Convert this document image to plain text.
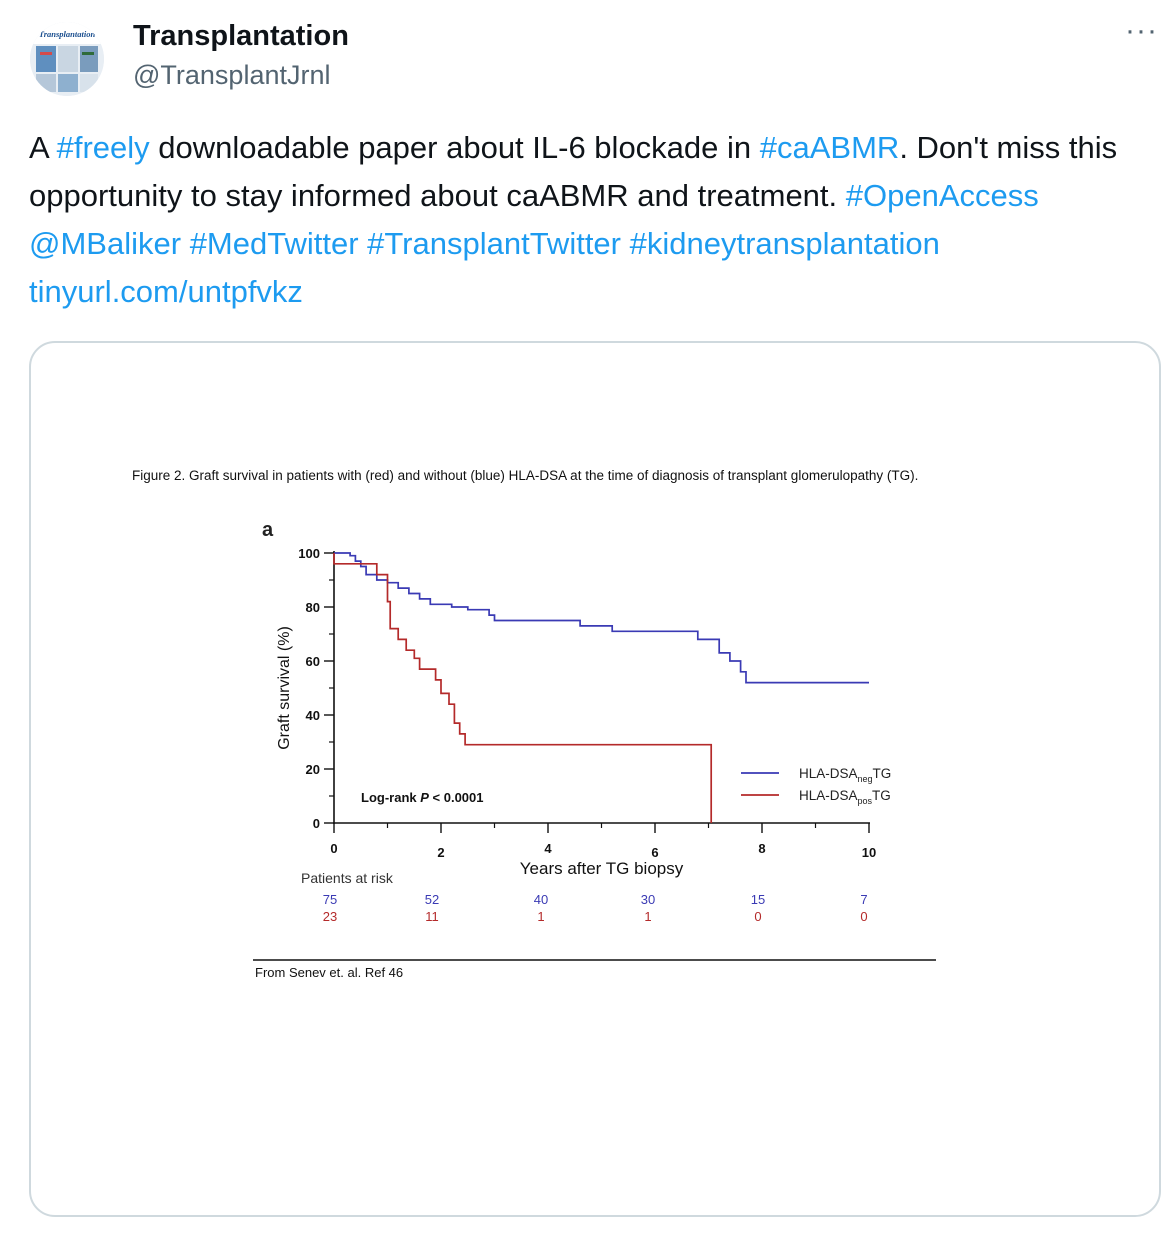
Transplantation Transplantation
@TransplantJrnl
···
A #freely downloadable paper about IL-6 blockade in #caABMR. Don't miss this opportunity to stay informed about caABMR and treatment. #OpenAccess @MBaliker #MedTwitter #TransplantTwitter #kidneytransplantation tinyurl.com/untpfvkz
Figure 2. Graft survival in patients with (red) and without (blue) HLA-DSA at the time of diagnosis of transplant glomerulopathy (TG).
a
0
20
40
60
80
100
0	2	4	6	8	10
Years after TG biopsy
Graft survival (%)
HLA-$DSA_{neg}TG$
HLA-$DSA_{pos}TG$
Log-rank P < 0.0001
Patients at risk
75	52	40	30	15	7
23	11	1	1	0	0
From Senev et. al. Ref 46
